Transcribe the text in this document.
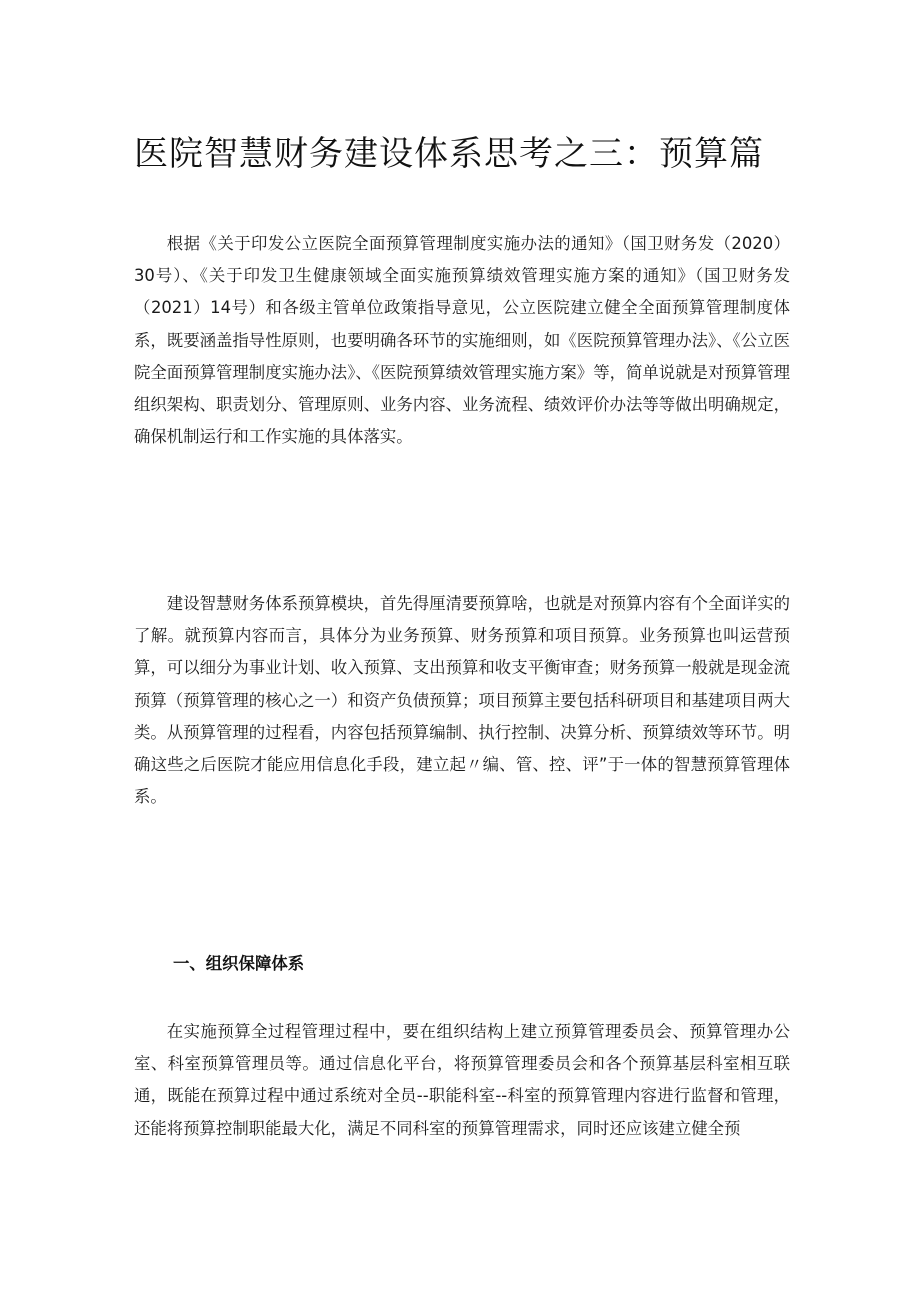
医院智慧财务建设体系思考之三：预算篇

根据《关于印发公立医院全面预算管理制度实施办法的通知》（国卫财务发（2020）30号）、《关于印发卫生健康领域全面实施预算绩效管理实施方案的通知》（国卫财务发（2021）14号）和各级主管单位政策指导意见，公立医院建立健全全面预算管理制度体系，既要涵盖指导性原则，也要明确各环节的实施细则，如《医院预算管理办法》、《公立医院全面预算管理制度实施办法》、《医院预算绩效管理实施方案》等，简单说就是对预算管理组织架构、职责划分、管理原则、业务内容、业务流程、绩效评价办法等等做出明确规定，确保机制运行和工作实施的具体落实。

建设智慧财务体系预算模块，首先得厘清要预算啥，也就是对预算内容有个全面详实的了解。就预算内容而言，具体分为业务预算、财务预算和项目预算。业务预算也叫运营预算，可以细分为事业计划、收入预算、支出预算和收支平衡审查；财务预算一般就是现金流预算（预算管理的核心之一）和资产负债预算；项目预算主要包括科研项目和基建项目两大类。从预算管理的过程看，内容包括预算编制、执行控制、决算分析、预算绩效等环节。明确这些之后医院才能应用信息化手段，建立起〃编、管、控、评”于一体的智慧预算管理体系。

一、组织保障体系

在实施预算全过程管理过程中，要在组织结构上建立预算管理委员会、预算管理办公室、科室预算管理员等。通过信息化平台，将预算管理委员会和各个预算基层科室相互联通，既能在预算过程中通过系统对全员--职能科室--科室的预算管理内容进行监督和管理，还能将预算控制职能最大化，满足不同科室的预算管理需求，同时还应该建立健全预
